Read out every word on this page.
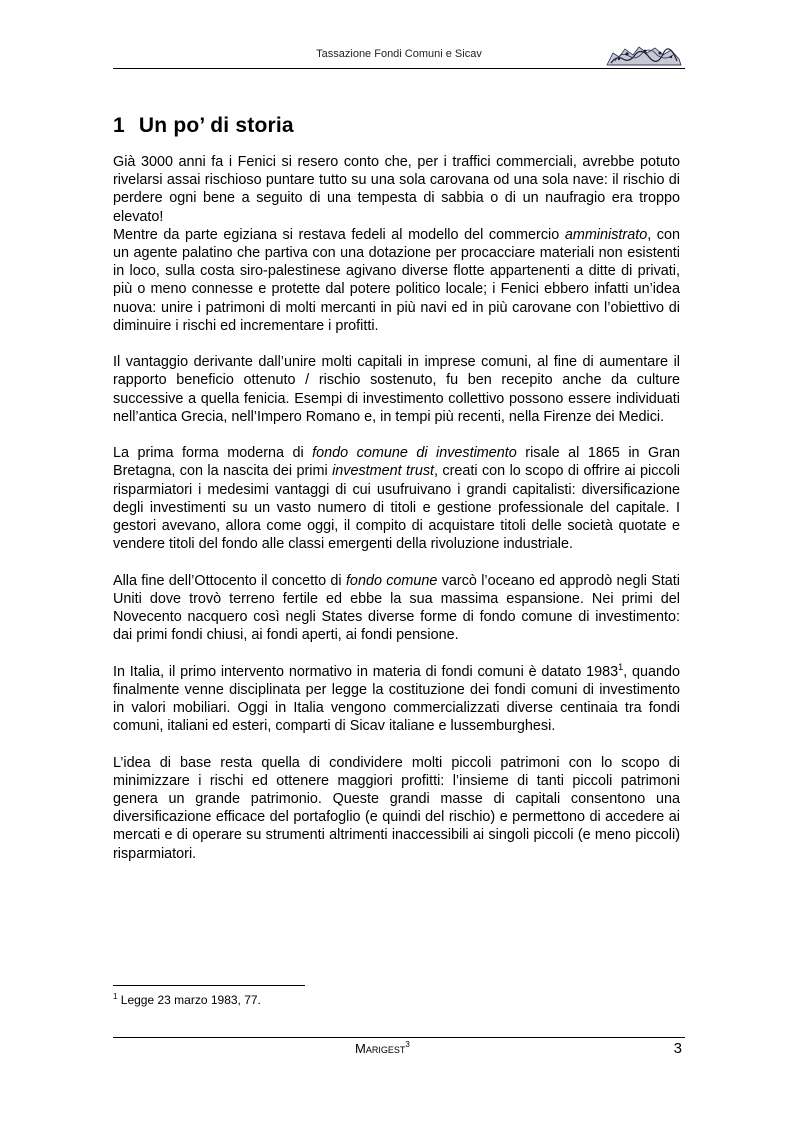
Tassazione Fondi Comuni e Sicav
1 Un po’ di storia

Già 3000 anni fa i Fenici si resero conto che, per i traffici commerciali, avrebbe potuto rivelarsi assai rischioso puntare tutto su una sola carovana od una sola nave: il rischio di perdere ogni bene a seguito di una tempesta di sabbia o di un naufragio era troppo elevato!

Mentre da parte egiziana si restava fedeli al modello del commercio amministrato, con un agente palatino che partiva con una dotazione per procacciare materiali non esistenti in loco, sulla costa siro-palestinese agivano diverse flotte appartenenti a ditte di privati, più o meno connesse e protette dal potere politico locale; i Fenici ebbero infatti un’idea nuova: unire i patrimoni di molti mercanti in più navi ed in più carovane con l’obiettivo di diminuire i rischi ed incrementare i profitti.

Il vantaggio derivante dall’unire molti capitali in imprese comuni, al fine di aumentare il rapporto beneficio ottenuto / rischio sostenuto, fu ben recepito anche da culture successive a quella fenicia. Esempi di investimento collettivo possono essere individuati nell’antica Grecia, nell’Impero Romano e, in tempi più recenti, nella Firenze dei Medici.

La prima forma moderna di fondo comune di investimento risale al 1865 in Gran Bretagna, con la nascita dei primi investment trust, creati con lo scopo di offrire ai piccoli risparmiatori i medesimi vantaggi di cui usufruivano i grandi capitalisti: diversificazione degli investimenti su un vasto numero di titoli e gestione professionale del capitale. I gestori avevano, allora come oggi, il compito di acquistare titoli delle società quotate e vendere titoli del fondo alle classi emergenti della rivoluzione industriale.

Alla fine dell’Ottocento il concetto di fondo comune varcò l’oceano ed approdò negli Stati Uniti dove trovò terreno fertile ed ebbe la sua massima espansione. Nei primi del Novecento nacquero così negli States diverse forme di fondo comune di investimento: dai primi fondi chiusi, ai fondi aperti, ai fondi pensione.

In Italia, il primo intervento normativo in materia di fondi comuni è datato 1983$^1$, quando finalmente venne disciplinata per legge la costituzione dei fondi comuni di investimento in valori mobiliari. Oggi in Italia vengono commercializzati diverse centinaia tra fondi comuni, italiani ed esteri, comparti di Sicav italiane e lussemburghesi.

L’idea di base resta quella di condividere molti piccoli patrimoni con lo scopo di minimizzare i rischi ed ottenere maggiori profitti: l’insieme di tanti piccoli patrimoni genera un grande patrimonio. Queste grandi masse di capitali consentono una diversificazione efficace del portafoglio (e quindi del rischio) e permettono di accedere ai mercati e di operare su strumenti altrimenti inaccessibili ai singoli piccoli (e meno piccoli) risparmiatori.

$^1$ Legge 23 marzo 1983, 77.
Marigest$^3$	3
